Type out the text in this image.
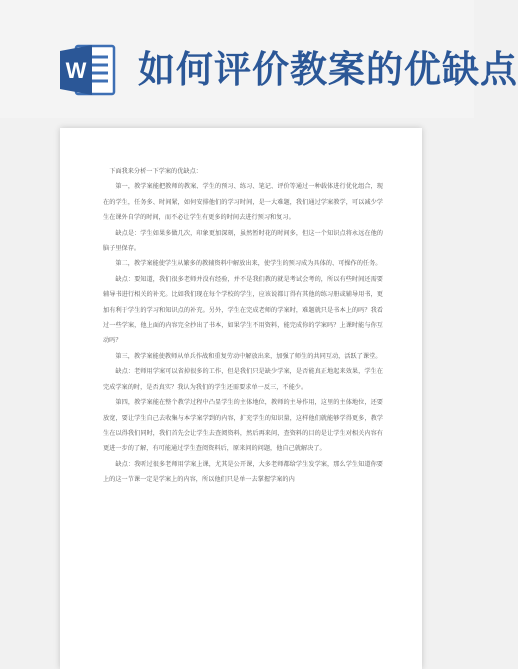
W 如何评价教案的优缺点

下面我来分析一下学案的优缺点：

第一，教学案能把教师的教案、学生的预习、练习、笔记、评价等通过一种载体进行优化组合，现在的学生，任务多、时间紧，如何安排他们的学习时间，是一大难题，我们通过学案教学，可以减少学生在课外自学的时间，而不必让学生有更多的时间去进行预习和复习。

缺点是：学生如果多做几次，印象更加深刻，虽然暂时花的时间多，但这一个知识点将永远在他的脑子里保存。

第二，教学案能使学生从繁多的教辅资料中解放出来，使学生的预习成为具体的、可操作的任务。

缺点：要知道，我们很多老师并没有经验，并不是我们教的就是考试会考的，所以有些时间还需要辅导书进行相关的补充。比如我们现在每个学校的学生，应该说都订得有其他的练习册或辅导用书，更加有利于学生的学习和知识点的补充。另外，学生在完成老师的学案时，难题就只是书本上的吗？我看过一些学案，他上面的内容完全抄出了书本，如果学生不用资料，能完成你的学案吗？上课时能与你互动吗？

第三，教学案能使教师从单兵作战和重复劳动中解放出来，加强了师生的共同互动，活跃了课堂。

缺点：老师用学案可以省掉很多的工作，但是我们只是缺少学案，是否能真正地起来效果，学生在完成学案的时，是否真实？我认为我们的学生还需要求单一反三，不能少。

第四，教学案能在整个教学过程中凸显学生的主体地位，教师的主导作用，这里的主体地位，还要放宽，要让学生自己去收集与本学案学到的内容，扩充学生的知识量，这样他们就能够学得更多，教学生在以得我们同时，我们首先会让学生去查阅资料，然后再来问，查资料的目的是让学生对相关内容有更进一步的了解，有可能通过学生查阅资料后，原来问的问题，他自己就解决了。

缺点：我听过很多老师用学案上课，尤其是公开课，大多老师都给学生发学案，那么学生知道你要上的这一节课一定是学案上的内容，所以他们只是单一去掌握学案的内
